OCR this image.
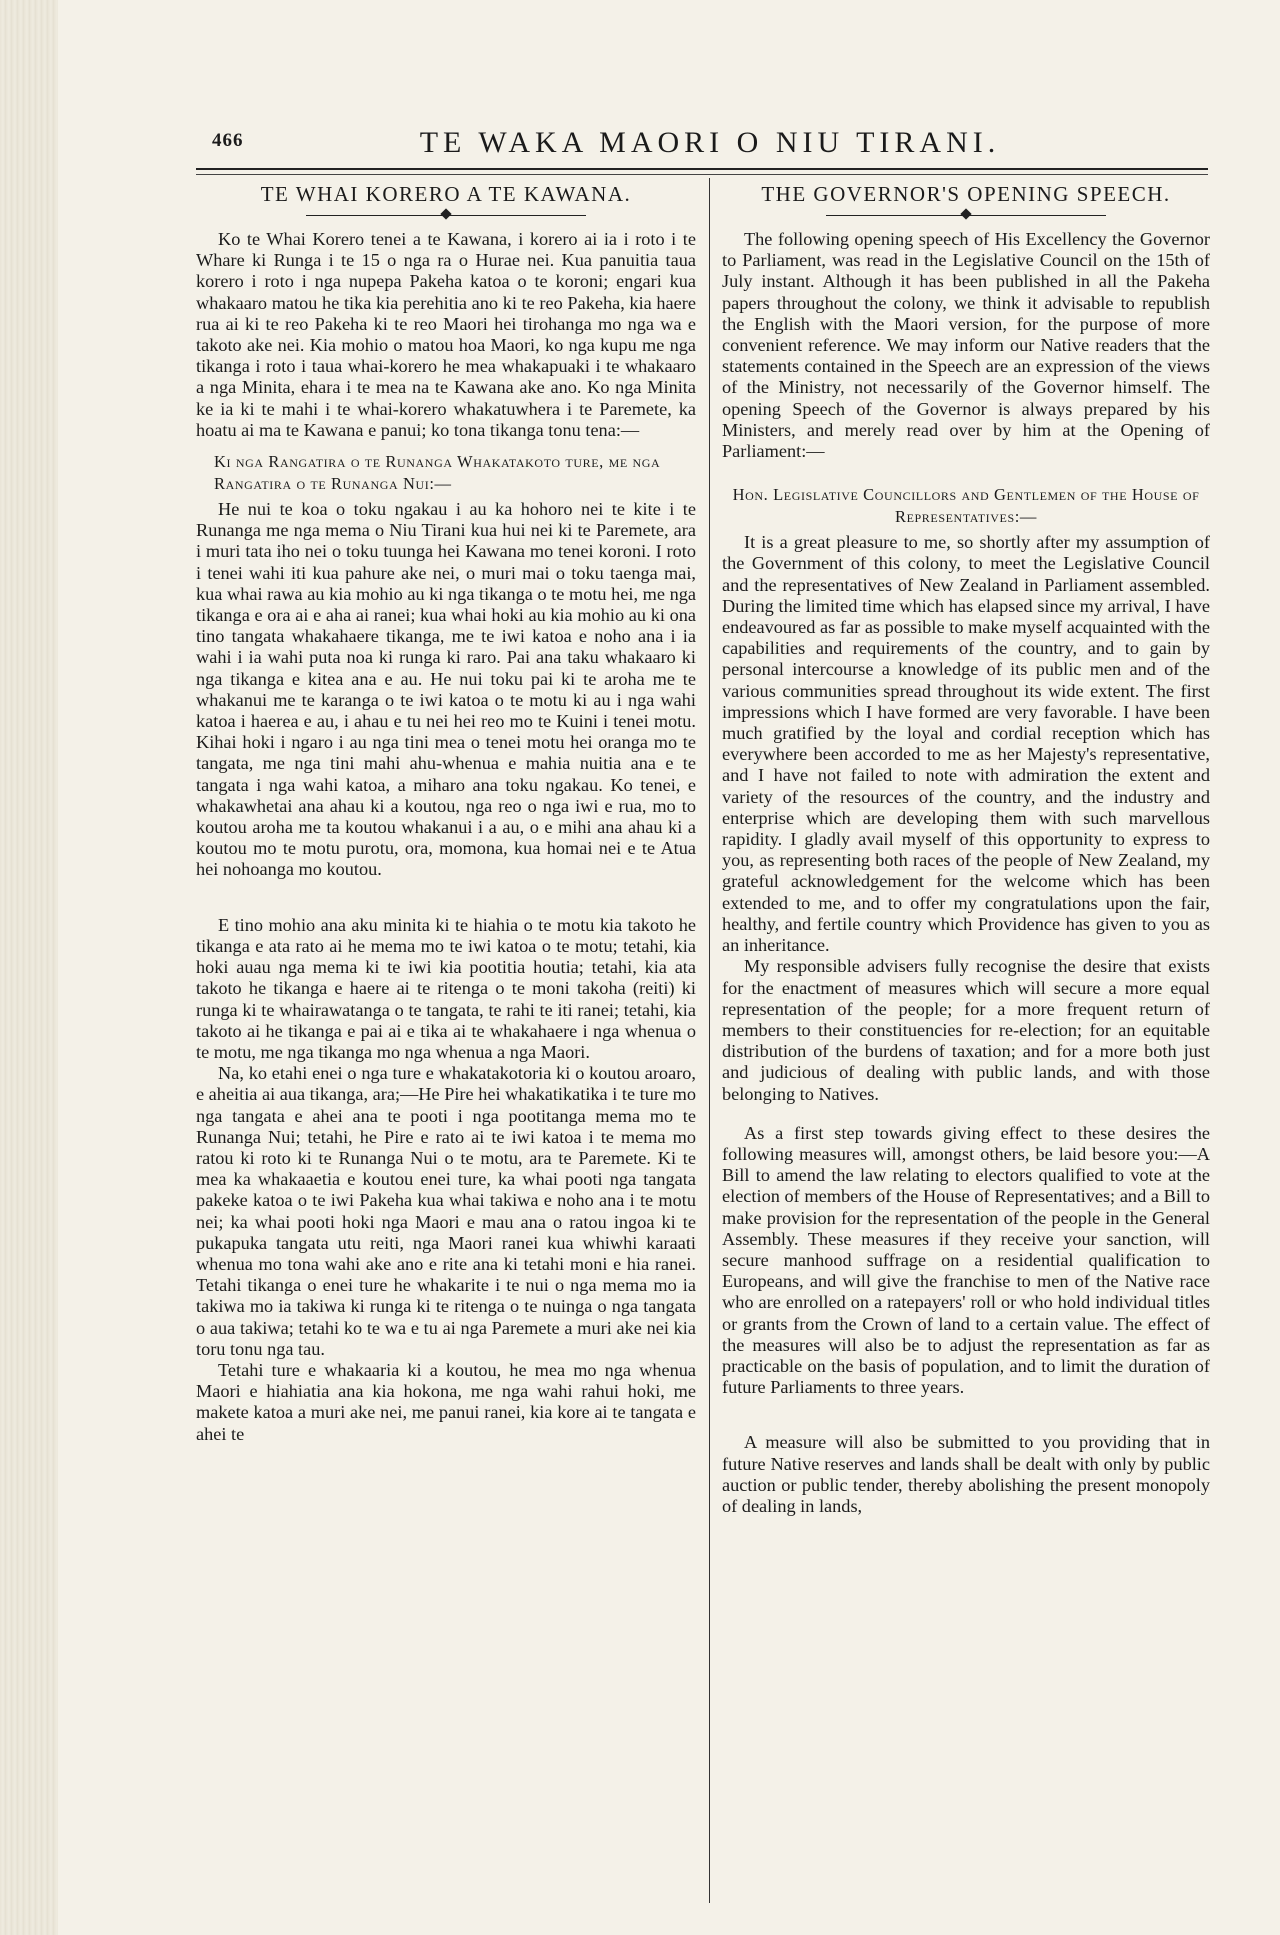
466	TE WAKA MAORI O NIU TIRANI.
TE WHAI KORERO A TE KAWANA.

Ko te Whai Korero tenei a te Kawana, i korero ai ia i roto i te Whare ki Runga i te 15 o nga ra o Hurae nei. Kua panuitia taua korero i roto i nga nupepa Pakeha katoa o te koroni; engari kua whakaaro matou he tika kia perehitia ano ki te reo Pakeha, kia haere rua ai ki te reo Pakeha ki te reo Maori hei tirohanga mo nga wa e takoto ake nei. Kia mohio o matou hoa Maori, ko nga kupu me nga tikanga i roto i taua whai-korero he mea whakapuaki i te whakaaro a nga Minita, ehara i te mea na te Kawana ake ano. Ko nga Minita ke ia ki te mahi i te whai-korero whakatuwhera i te Paremete, ka hoatu ai ma te Kawana e panui; ko tona tikanga tonu tena:—

Ki nga Rangatira o te Runanga Whakatakoto ture, me nga Rangatira o te Runanga Nui:—

He nui te koa o toku ngakau i au ka hohoro nei te kite i te Runanga me nga mema o Niu Tirani kua hui nei ki te Paremete, ara i muri tata iho nei o toku tuunga hei Kawana mo tenei koroni. I roto i tenei wahi iti kua pahure ake nei, o muri mai o toku taenga mai, kua whai rawa au kia mohio au ki nga tikanga o te motu hei, me nga tikanga e ora ai e aha ai ranei; kua whai hoki au kia mohio au ki ona tino tangata whakahaere tikanga, me te iwi katoa e noho ana i ia wahi i ia wahi puta noa ki runga ki raro. Pai ana taku whakaaro ki nga tikanga e kitea ana e au. He nui toku pai ki te aroha me te whakanui me te karanga o te iwi katoa o te motu ki au i nga wahi katoa i haerea e au, i ahau e tu nei hei reo mo te Kuini i tenei motu. Kihai hoki i ngaro i au nga tini mea o tenei motu hei oranga mo te tangata, me nga tini mahi ahu-whenua e mahia nuitia ana e te tangata i nga wahi katoa, a miharo ana toku ngakau. Ko tenei, e whakawhetai ana ahau ki a koutou, nga reo o nga iwi e rua, mo to koutou aroha me ta koutou whakanui i a au, o e mihi ana ahau ki a koutou mo te motu purotu, ora, momona, kua homai nei e te Atua hei nohoanga mo koutou.

E tino mohio ana aku minita ki te hiahia o te motu kia takoto he tikanga e ata rato ai he mema mo te iwi katoa o te motu; tetahi, kia hoki auau nga mema ki te iwi kia pootitia houtia; tetahi, kia ata takoto he tikanga e haere ai te ritenga o te moni takoha (reiti) ki runga ki te whairawatanga o te tangata, te rahi te iti ranei; tetahi, kia takoto ai he tikanga e pai ai e tika ai te whakahaere i nga whenua o te motu, me nga tikanga mo nga whenua a nga Maori.

Na, ko etahi enei o nga ture e whakatakotoria ki o koutou aroaro, e aheitia ai aua tikanga, ara;—He Pire hei whakatikatika i te ture mo nga tangata e ahei ana te pooti i nga pootitanga mema mo te Runanga Nui; tetahi, he Pire e rato ai te iwi katoa i te mema mo ratou ki roto ki te Runanga Nui o te motu, ara te Paremete. Ki te mea ka whakaaetia e koutou enei ture, ka whai pooti nga tangata pakeke katoa o te iwi Pakeha kua whai takiwa e noho ana i te motu nei; ka whai pooti hoki nga Maori e mau ana o ratou ingoa ki te pukapuka tangata utu reiti, nga Maori ranei kua whiwhi karaati whenua mo tona wahi ake ano e rite ana ki tetahi moni e hia ranei. Tetahi tikanga o enei ture he whakarite i te nui o nga mema mo ia takiwa mo ia takiwa ki runga ki te ritenga o te nuinga o nga tangata o aua takiwa; tetahi ko te wa e tu ai nga Paremete a muri ake nei kia toru tonu nga tau.

Tetahi ture e whakaaria ki a koutou, he mea mo nga whenua Maori e hiahiatia ana kia hokona, me nga wahi rahui hoki, me makete katoa a muri ake nei, me panui ranei, kia kore ai te tangata e ahei te

THE GOVERNOR'S OPENING SPEECH.

The following opening speech of His Excellency the Governor to Parliament, was read in the Legislative Council on the 15th of July instant. Although it has been published in all the Pakeha papers throughout the colony, we think it advisable to republish the English with the Maori version, for the purpose of more convenient reference. We may inform our Native readers that the statements contained in the Speech are an expression of the views of the Ministry, not necessarily of the Governor himself. The opening Speech of the Governor is always prepared by his Ministers, and merely read over by him at the Opening of Parliament:—

Hon. Legislative Councillors and Gentlemen of the House of Representatives:—

It is a great pleasure to me, so shortly after my assumption of the Government of this colony, to meet the Legislative Council and the representatives of New Zealand in Parliament assembled. During the limited time which has elapsed since my arrival, I have endeavoured as far as possible to make myself acquainted with the capabilities and requirements of the country, and to gain by personal intercourse a knowledge of its public men and of the various communities spread throughout its wide extent. The first impressions which I have formed are very favorable. I have been much gratified by the loyal and cordial reception which has everywhere been accorded to me as her Majesty's representative, and I have not failed to note with admiration the extent and variety of the resources of the country, and the industry and enterprise which are developing them with such marvellous rapidity. I gladly avail myself of this opportunity to express to you, as representing both races of the people of New Zealand, my grateful acknowledgement for the welcome which has been extended to me, and to offer my congratulations upon the fair, healthy, and fertile country which Providence has given to you as an inheritance.

My responsible advisers fully recognise the desire that exists for the enactment of measures which will secure a more equal representation of the people; for a more frequent return of members to their constituencies for re-election; for an equitable distribution of the burdens of taxation; and for a more both just and judicious of dealing with public lands, and with those belonging to Natives.

As a first step towards giving effect to these desires the following measures will, amongst others, be laid besore you:—A Bill to amend the law relating to electors qualified to vote at the election of members of the House of Representatives; and a Bill to make provision for the representation of the people in the General Assembly. These measures if they receive your sanction, will secure manhood suffrage on a residential qualification to Europeans, and will give the franchise to men of the Native race who are enrolled on a ratepayers' roll or who hold individual titles or grants from the Crown of land to a certain value. The effect of the measures will also be to adjust the representation as far as practicable on the basis of population, and to limit the duration of future Parliaments to three years.

A measure will also be submitted to you providing that in future Native reserves and lands shall be dealt with only by public auction or public tender, thereby abolishing the present monopoly of dealing in lands,
